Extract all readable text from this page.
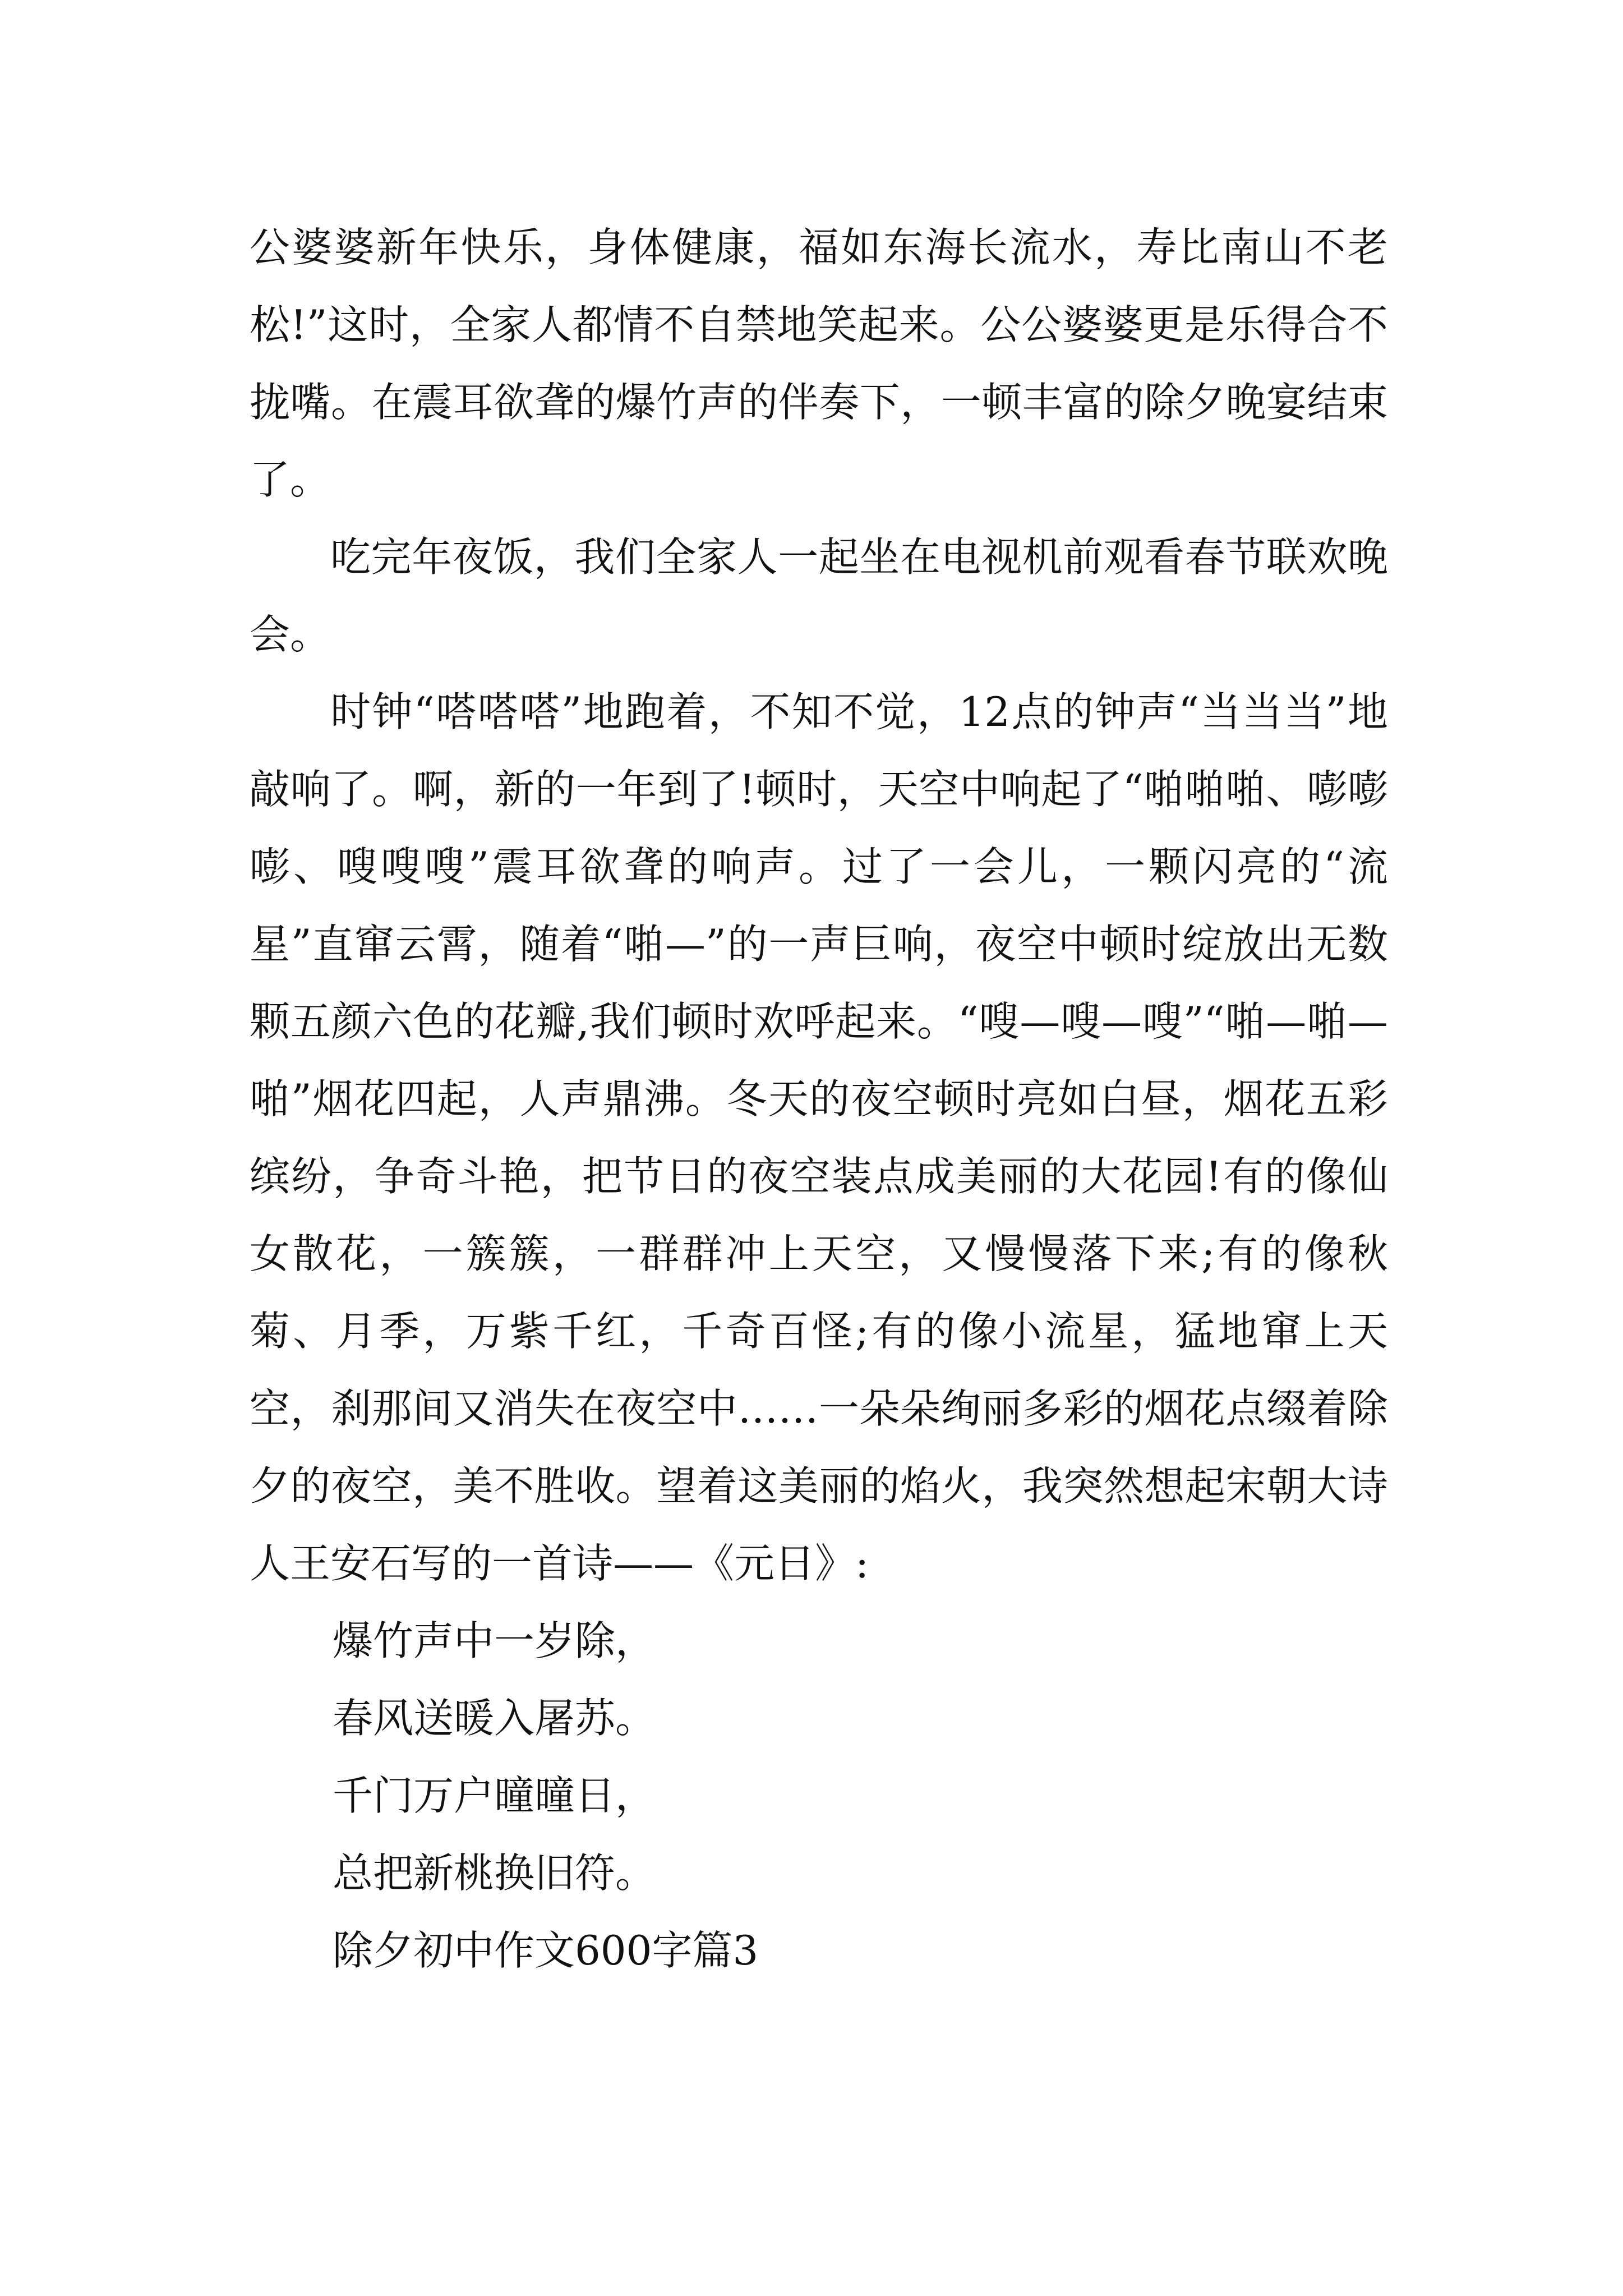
公婆婆新年快乐，身体健康，福如东海长流水，寿比南山不老松!”这时，全家人都情不自禁地笑起来。公公婆婆更是乐得合不拢嘴。在震耳欲聋的爆竹声的伴奏下，一顿丰富的除夕晚宴结束了。

吃完年夜饭，我们全家人一起坐在电视机前观看春节联欢晚会。

时钟“嗒嗒嗒”地跑着，不知不觉，12点的钟声“当当当”地敲响了。啊，新的一年到了!顿时，天空中响起了“啪啪啪、嘭嘭嘭、嗖嗖嗖”震耳欲聋的响声。过了一会儿，一颗闪亮的“流星”直窜云霄，随着“啪—”的一声巨响，夜空中顿时绽放出无数颗五颜六色的花瓣,我们顿时欢呼起来。“嗖—嗖—嗖”“啪—啪—啪”烟花四起，人声鼎沸。冬天的夜空顿时亮如白昼，烟花五彩缤纷，争奇斗艳，把节日的夜空装点成美丽的大花园!有的像仙女散花，一簇簇，一群群冲上天空，又慢慢落下来;有的像秋菊、月季，万紫千红，千奇百怪;有的像小流星，猛地窜上天空，刹那间又消失在夜空中……一朵朵绚丽多彩的烟花点缀着除夕的夜空，美不胜收。望着这美丽的焰火，我突然想起宋朝大诗人王安石写的一首诗——《元日》:

爆竹声中一岁除，

春风送暖入屠苏。

千门万户曈曈日，

总把新桃换旧符。

除夕初中作文600字篇3
